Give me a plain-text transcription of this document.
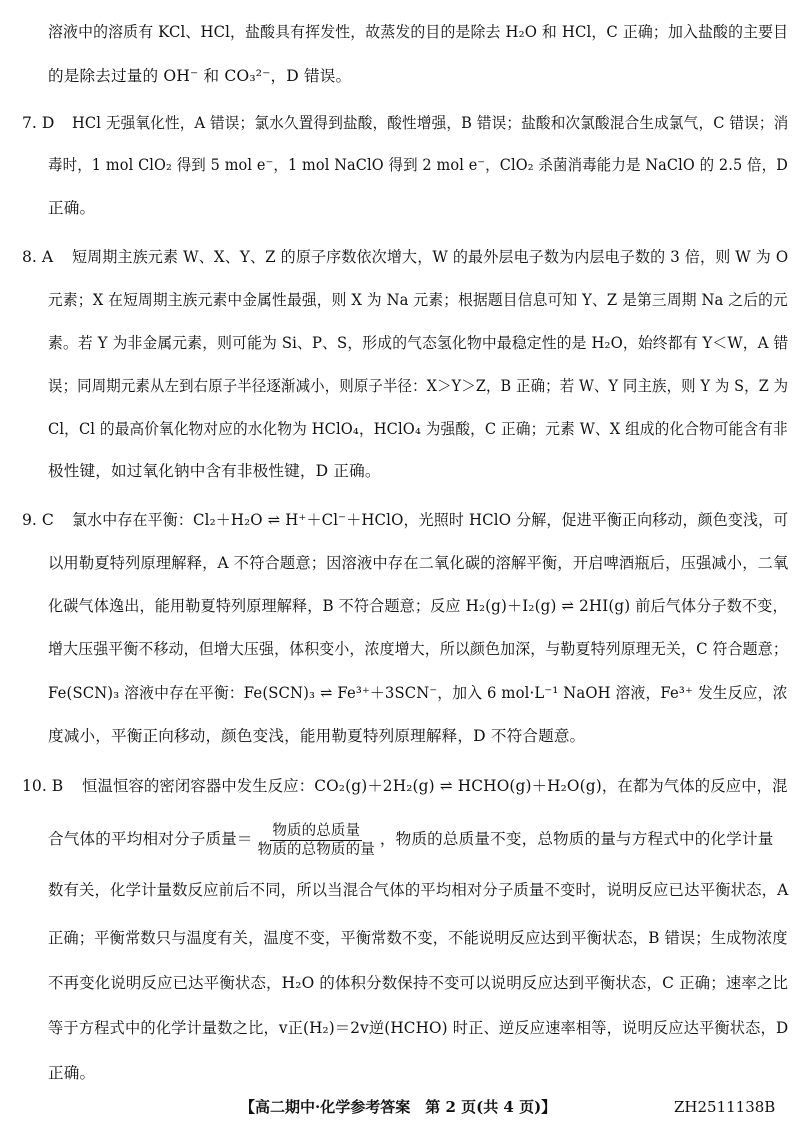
溶液中的溶质有 KCl、HCl，盐酸具有挥发性，故蒸发的目的是除去 H₂O 和 HCl，C 正确；加入盐酸的主要目
的是除去过量的 OH⁻ 和 CO₃²⁻，D 错误。
7. D HCl 无强氧化性，A 错误；氯水久置得到盐酸，酸性增强，B 错误；盐酸和次氯酸混合生成氯气，C 错误；消
毒时，1 mol ClO₂ 得到 5 mol e⁻，1 mol NaClO 得到 2 mol e⁻，ClO₂ 杀菌消毒能力是 NaClO 的 2.5 倍，D
正确。
8. A 短周期主族元素 W、X、Y、Z 的原子序数依次增大，W 的最外层电子数为内层电子数的 3 倍，则 W 为 O
元素；X 在短周期主族元素中金属性最强，则 X 为 Na 元素；根据题目信息可知 Y、Z 是第三周期 Na 之后的元
素。若 Y 为非金属元素，则可能为 Si、P、S，形成的气态氢化物中最稳定性的是 H₂O，始终都有 Y＜W，A 错
误；同周期元素从左到右原子半径逐渐减小，则原子半径：X＞Y＞Z，B 正确；若 W、Y 同主族，则 Y 为 S，Z 为
Cl，Cl 的最高价氧化物对应的水化物为 HClO₄，HClO₄ 为强酸，C 正确；元素 W、X 组成的化合物可能含有非
极性键，如过氧化钠中含有非极性键，D 正确。
9. C 氯水中存在平衡：Cl₂＋H₂O ⇌ H⁺＋Cl⁻＋HClO，光照时 HClO 分解，促进平衡正向移动，颜色变浅，可
以用勒夏特列原理解释，A 不符合题意；因溶液中存在二氧化碳的溶解平衡，开启啤酒瓶后，压强减小，二氧
化碳气体逸出，能用勒夏特列原理解释，B 不符合题意；反应 H₂(g)＋I₂(g) ⇌ 2HI(g) 前后气体分子数不变，
增大压强平衡不移动，但增大压强，体积变小，浓度增大，所以颜色加深，与勒夏特列原理无关，C 符合题意；
Fe(SCN)₃ 溶液中存在平衡：Fe(SCN)₃ ⇌ Fe³⁺＋3SCN⁻，加入 6 mol·L⁻¹ NaOH 溶液，Fe³⁺ 发生反应，浓
度减小，平衡正向移动，颜色变浅，能用勒夏特列原理解释，D 不符合题意。
10. B 恒温恒容的密闭容器中发生反应：CO₂(g)＋2H₂(g) ⇌ HCHO(g)＋H₂O(g)，在都为气体的反应中，混
合气体的平均相对分子质量＝ $\frac{\text{物质的总质量}}{\text{物质的总物质的量}}$ ，物质的总质量不变，总物质的量与方程式中的化学计量
数有关，化学计量数反应前后不同，所以当混合气体的平均相对分子质量不变时，说明反应已达平衡状态，A
正确；平衡常数只与温度有关，温度不变，平衡常数不变，不能说明反应达到平衡状态，B 错误；生成物浓度
不再变化说明反应已达平衡状态，H₂O 的体积分数保持不变可以说明反应达到平衡状态，C 正确；速率之比
等于方程式中的化学计量数之比，v正(H₂)＝2v逆(HCHO) 时正、逆反应速率相等，说明反应达平衡状态，D
正确。
【高二期中·化学参考答案　第 2 页(共 4 页)】	ZH2511138B
